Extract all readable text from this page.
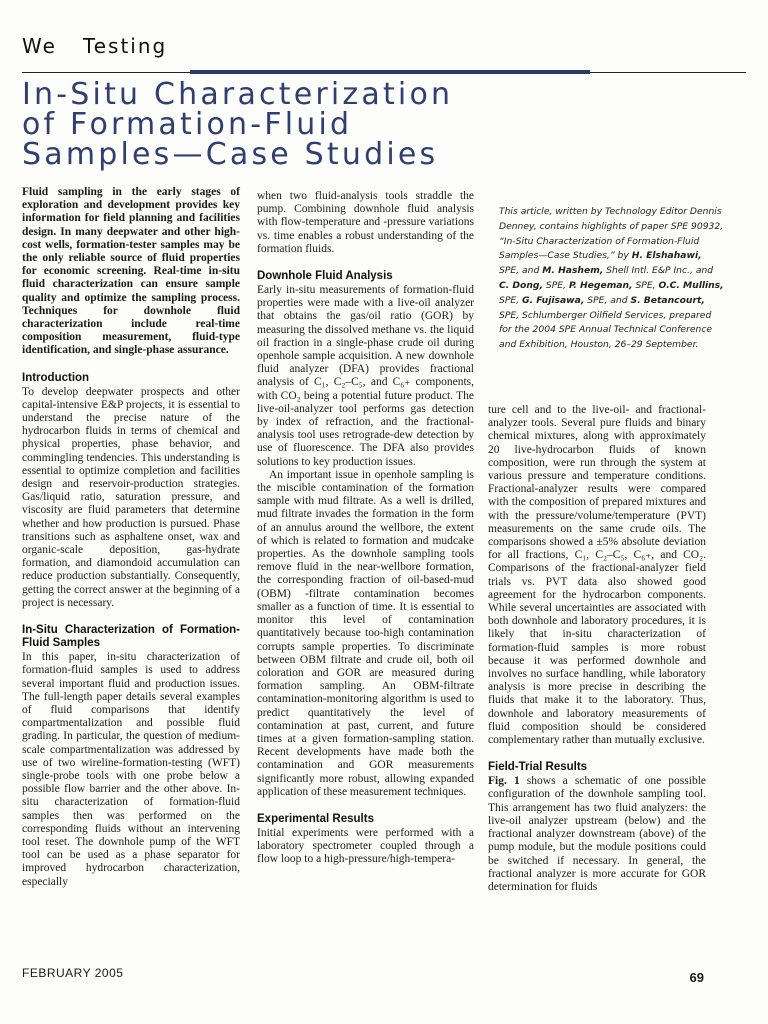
We Testing
In-Situ Characterization
of Formation-Fluid
Samples—Case Studies

Fluid sampling in the early stages of exploration and development provides key information for field planning and facilities design. In many deepwater and other high-cost wells, formation-tester samples may be the only reliable source of fluid properties for economic screening. Real-time in-situ fluid characterization can ensure sample quality and optimize the sampling process. Techniques for downhole fluid characterization include real-time composition measurement, fluid-type identification, and single-phase assurance.

Introduction

To develop deepwater prospects and other capital-intensive E&P projects, it is essential to understand the precise nature of the hydrocarbon fluids in terms of chemical and physical properties, phase behavior, and commingling tendencies. This understanding is essential to optimize completion and facilities design and reservoir-production strategies. Gas/liquid ratio, saturation pressure, and viscosity are fluid parameters that determine whether and how production is pursued. Phase transitions such as asphaltene onset, wax and organic-scale deposition, gas-hydrate formation, and diamondoid accumulation can reduce production substantially. Consequently, getting the correct answer at the beginning of a project is necessary.

In-Situ Characterization of Formation-Fluid Samples

In this paper, in-situ characterization of formation-fluid samples is used to address several important fluid and production issues. The full-length paper details several examples of fluid comparisons that identify compartmentalization and possible fluid grading. In particular, the question of medium-scale compartmentalization was addressed by use of two wireline-formation-testing (WFT) single-probe tools with one probe below a possible flow barrier and the other above. In-situ characterization of formation-fluid samples then was performed on the corresponding fluids without an intervening tool reset. The downhole pump of the WFT tool can be used as a phase separator for improved hydrocarbon characterization, especially

when two fluid-analysis tools straddle the pump. Combining downhole fluid analysis with flow-temperature and -pressure variations vs. time enables a robust understanding of the formation fluids.

Downhole Fluid Analysis

Early in-situ measurements of formation-fluid properties were made with a live-oil analyzer that obtains the gas/oil ratio (GOR) by measuring the dissolved methane vs. the liquid oil fraction in a single-phase crude oil during openhole sample acquisition. A new downhole fluid analyzer (DFA) provides fractional analysis of C₁, C₂–C₅, and C₆₊ components, with CO₂ being a potential future product. The live-oil-analyzer tool performs gas detection by index of refraction, and the fractional-analysis tool uses retrograde-dew detection by use of fluorescence. The DFA also provides solutions to key production issues.

An important issue in openhole sampling is the miscible contamination of the formation sample with mud filtrate. As a well is drilled, mud filtrate invades the formation in the form of an annulus around the wellbore, the extent of which is related to formation and mudcake properties. As the downhole sampling tools remove fluid in the near-wellbore formation, the corresponding fraction of oil-based-mud (OBM) -filtrate contamination becomes smaller as a function of time. It is essential to monitor this level of contamination quantitatively because too-high contamination corrupts sample properties. To discriminate between OBM filtrate and crude oil, both oil coloration and GOR are measured during formation sampling. An OBM-filtrate contamination-monitoring algorithm is used to predict quantitatively the level of contamination at past, current, and future times at a given formation-sampling station. Recent developments have made both the contamination and GOR measurements significantly more robust, allowing expanded application of these measurement techniques.

Experimental Results

Initial experiments were performed with a laboratory spectrometer coupled through a flow loop to a high-pressure/high-tempera-

This article, written by Technology Editor Dennis Denney, contains highlights of paper SPE 90932, “In-Situ Characterization of Formation-Fluid Samples—Case Studies,” by H. Elshahawi, SPE, and M. Hashem, Shell Intl. E&P Inc., and C. Dong, SPE, P. Hegeman, SPE, O.C. Mullins, SPE, G. Fujisawa, SPE, and S. Betancourt, SPE, Schlumberger Oilfield Services, prepared for the 2004 SPE Annual Technical Conference and Exhibition, Houston, 26–29 September.

ture cell and to the live-oil- and fractional-analyzer tools. Several pure fluids and binary chemical mixtures, along with approximately 20 live-hydrocarbon fluids of known composition, were run through the system at various pressure and temperature conditions. Fractional-analyzer results were compared with the composition of prepared mixtures and with the pressure/volume/temperature (PVT) measurements on the same crude oils. The comparisons showed a ±5% absolute deviation for all fractions, C₁, C₂–C₅, C₆₊, and CO₂. Comparisons of the fractional-analyzer field trials vs. PVT data also showed good agreement for the hydrocarbon components. While several uncertainties are associated with both downhole and laboratory procedures, it is likely that in-situ characterization of formation-fluid samples is more robust because it was performed downhole and involves no surface handling, while laboratory analysis is more precise in describing the fluids that make it to the laboratory. Thus, downhole and laboratory measurements of fluid composition should be considered complementary rather than mutually exclusive.

Field-Trial Results

Fig. 1 shows a schematic of one possible configuration of the downhole sampling tool. This arrangement has two fluid analyzers: the live-oil analyzer upstream (below) and the fractional analyzer downstream (above) of the pump module, but the module positions could be switched if necessary. In general, the fractional analyzer is more accurate for GOR determination for fluids

FEBRUARY 2005	69
